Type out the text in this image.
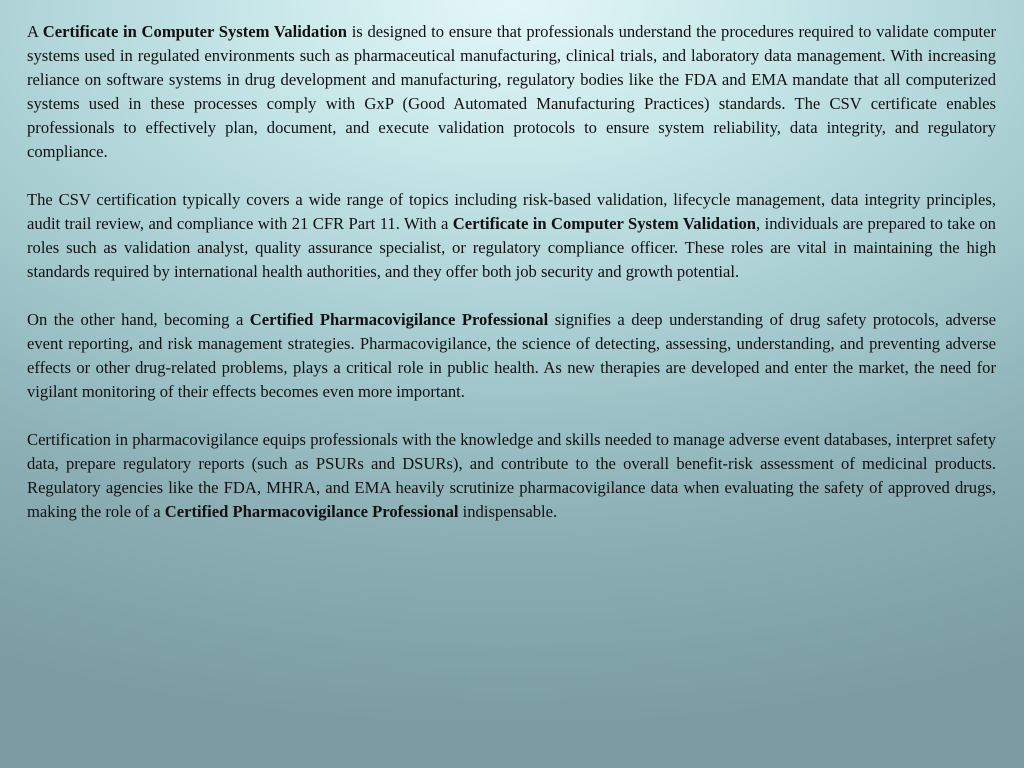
A Certificate in Computer System Validation is designed to ensure that professionals understand the procedures required to validate computer systems used in regulated environments such as pharmaceutical manufacturing, clinical trials, and laboratory data management. With increasing reliance on software systems in drug development and manufacturing, regulatory bodies like the FDA and EMA mandate that all computerized systems used in these processes comply with GxP (Good Automated Manufacturing Practices) standards. The CSV certificate enables professionals to effectively plan, document, and execute validation protocols to ensure system reliability, data integrity, and regulatory compliance.

The CSV certification typically covers a wide range of topics including risk-based validation, lifecycle management, data integrity principles, audit trail review, and compliance with 21 CFR Part 11. With a Certificate in Computer System Validation, individuals are prepared to take on roles such as validation analyst, quality assurance specialist, or regulatory compliance officer. These roles are vital in maintaining the high standards required by international health authorities, and they offer both job security and growth potential.

On the other hand, becoming a Certified Pharmacovigilance Professional signifies a deep understanding of drug safety protocols, adverse event reporting, and risk management strategies. Pharmacovigilance, the science of detecting, assessing, understanding, and preventing adverse effects or other drug-related problems, plays a critical role in public health. As new therapies are developed and enter the market, the need for vigilant monitoring of their effects becomes even more important.

Certification in pharmacovigilance equips professionals with the knowledge and skills needed to manage adverse event databases, interpret safety data, prepare regulatory reports (such as PSURs and DSURs), and contribute to the overall benefit-risk assessment of medicinal products. Regulatory agencies like the FDA, MHRA, and EMA heavily scrutinize pharmacovigilance data when evaluating the safety of approved drugs, making the role of a Certified Pharmacovigilance Professional indispensable.
